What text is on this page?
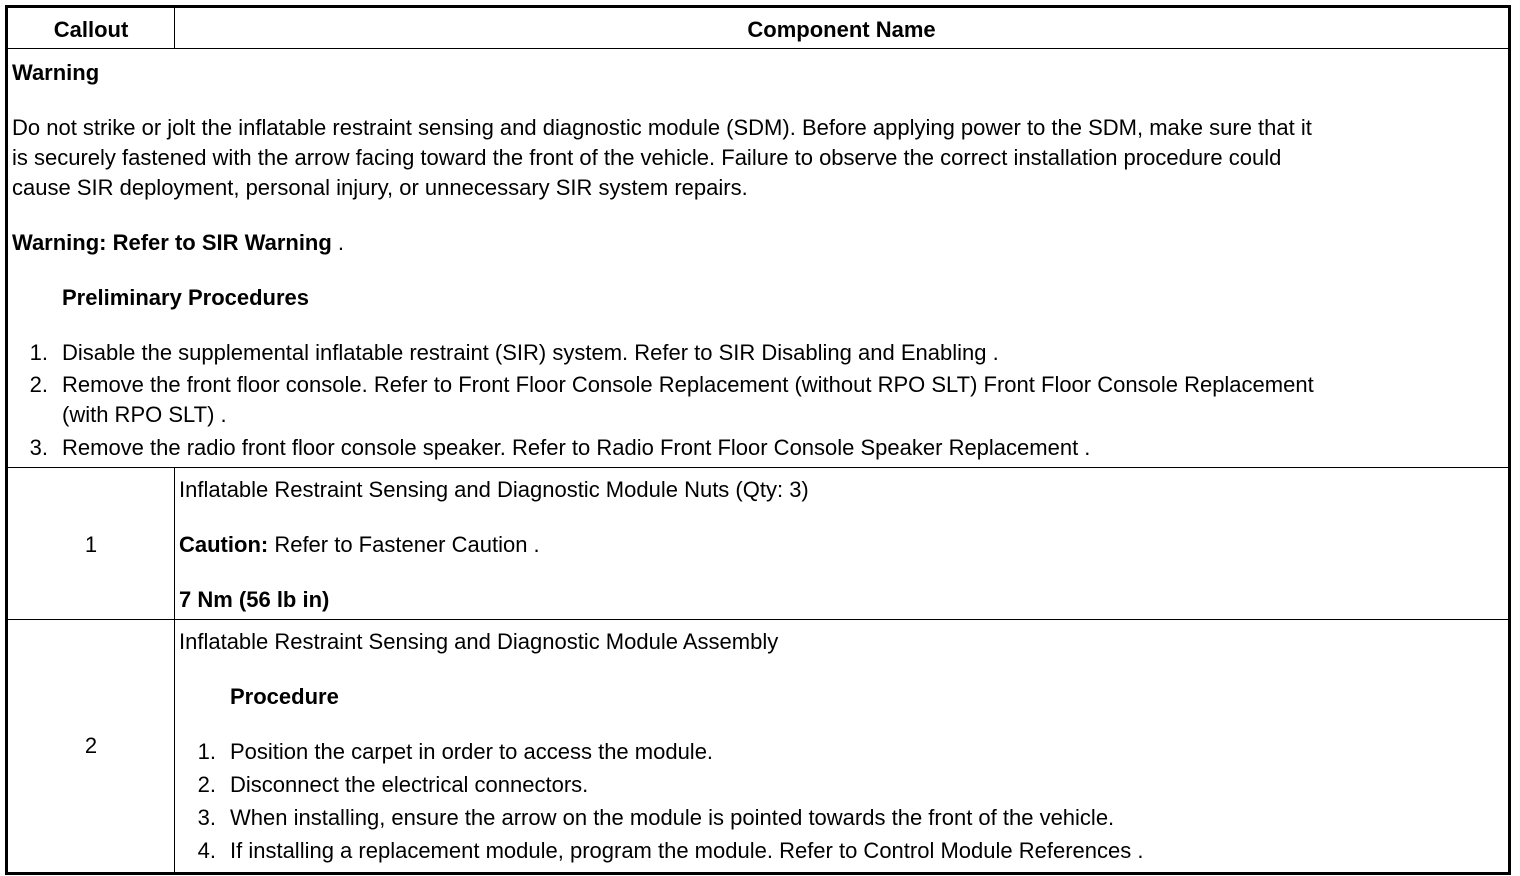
Callout	Component Name
Warning
Do not strike or jolt the inflatable restraint sensing and diagnostic module (SDM). Before applying power to the SDM, make sure that it
is securely fastened with the arrow facing toward the front of the vehicle. Failure to observe the correct installation procedure could
cause SIR deployment, personal injury, or unnecessary SIR system repairs.
Warning: Refer to SIR Warning .
Preliminary Procedures
1. Disable the supplemental inflatable restraint (SIR) system. Refer to SIR Disabling and Enabling .
2. Remove the front floor console. Refer to Front Floor Console Replacement (without RPO SLT) Front Floor Console Replacement
(with RPO SLT) .
3. Remove the radio front floor console speaker. Refer to Radio Front Floor Console Speaker Replacement .
1
Inflatable Restraint Sensing and Diagnostic Module Nuts (Qty: 3)
Caution: Refer to Fastener Caution .
7 Nm (56 lb in)
2
Inflatable Restraint Sensing and Diagnostic Module Assembly
Procedure
1. Position the carpet in order to access the module.
2. Disconnect the electrical connectors.
3. When installing, ensure the arrow on the module is pointed towards the front of the vehicle.
4. If installing a replacement module, program the module. Refer to Control Module References .
